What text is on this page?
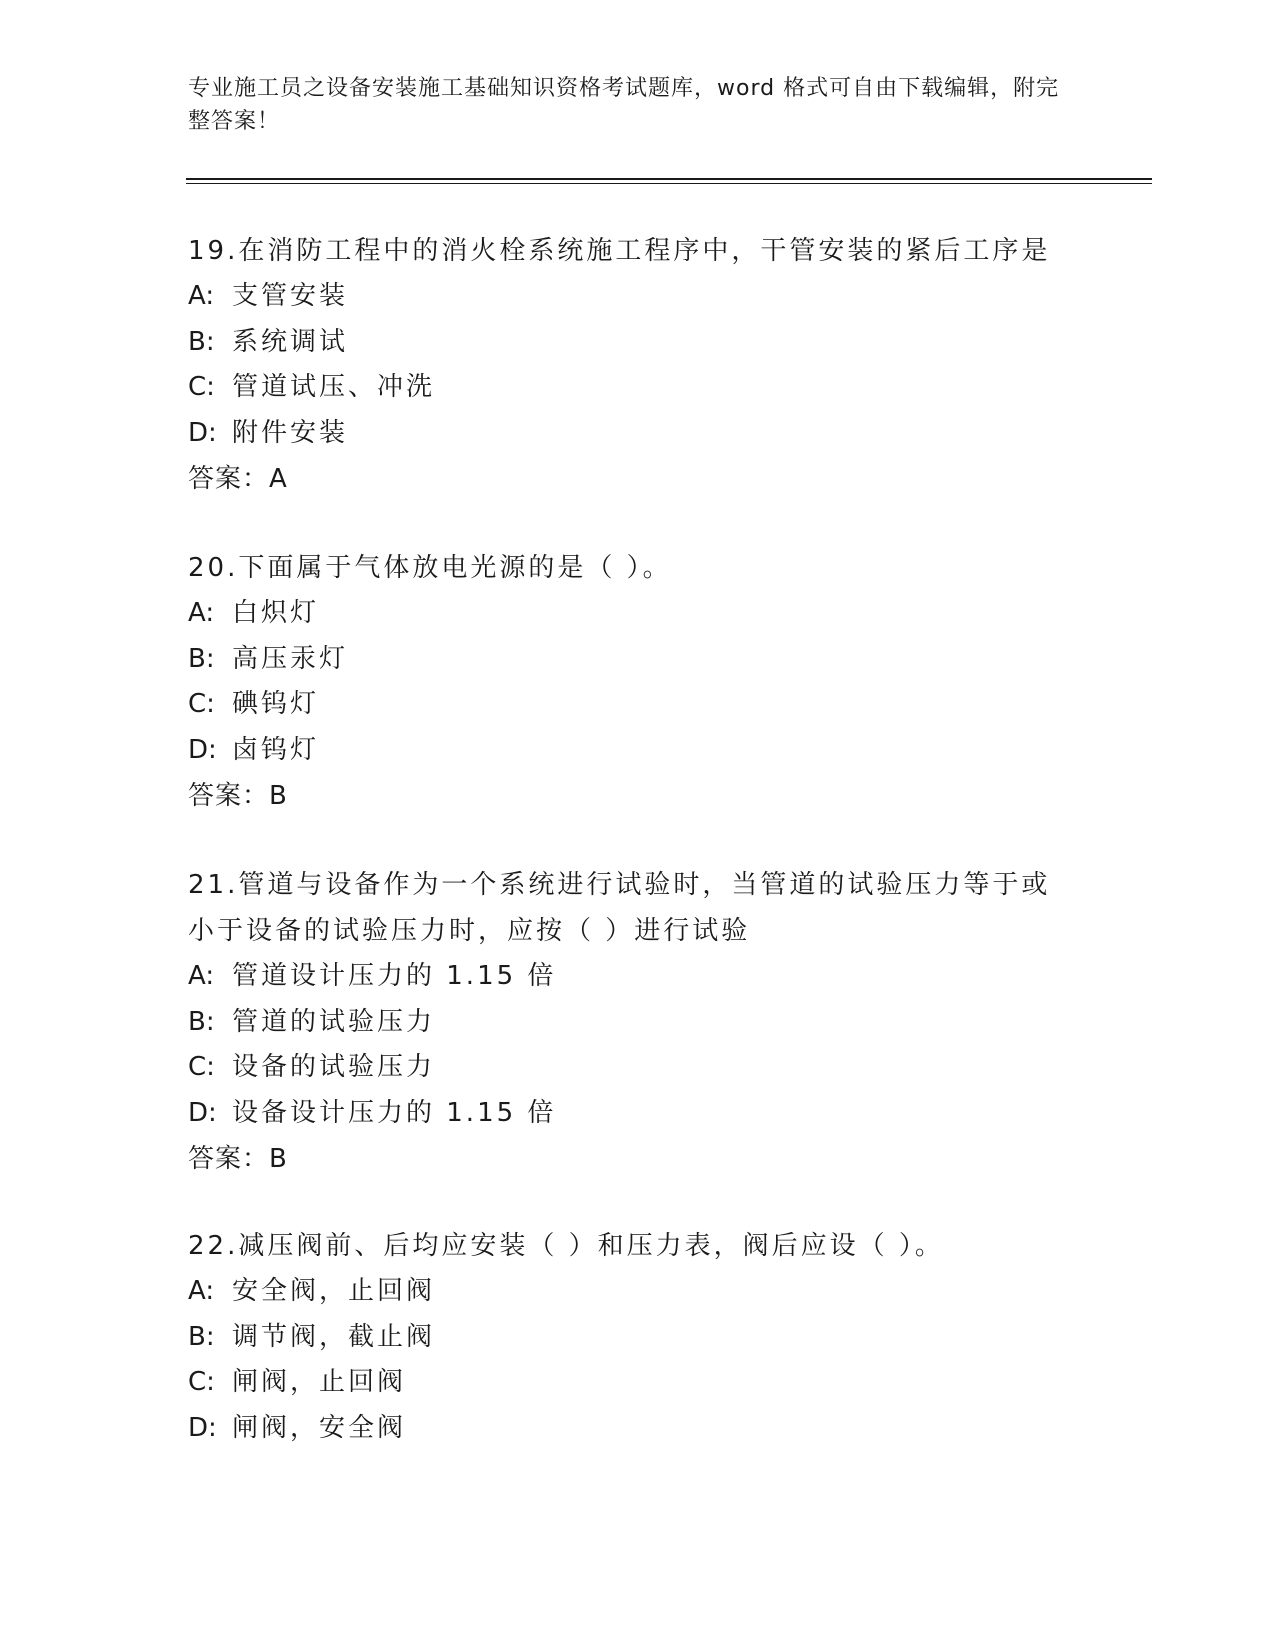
专业施工员之设备安装施工基础知识资格考试题库，word 格式可自由下载编辑，附完整答案！
19.在消防工程中的消火栓系统施工程序中，干管安装的紧后工序是
A: 支管安装
B: 系统调试
C: 管道试压、冲洗
D: 附件安装
答案：A
20.下面属于气体放电光源的是（ ）。
A: 白炽灯
B: 高压汞灯
C: 碘钨灯
D: 卤钨灯
答案：B
21.管道与设备作为一个系统进行试验时，当管道的试验压力等于或小于设备的试验压力时，应按（ ）进行试验
A: 管道设计压力的 1.15 倍
B: 管道的试验压力
C: 设备的试验压力
D: 设备设计压力的 1.15 倍
答案：B
22.减压阀前、后均应安装（ ）和压力表，阀后应设（ ）。
A: 安全阀，止回阀
B: 调节阀，截止阀
C: 闸阀，止回阀
D: 闸阀，安全阀
